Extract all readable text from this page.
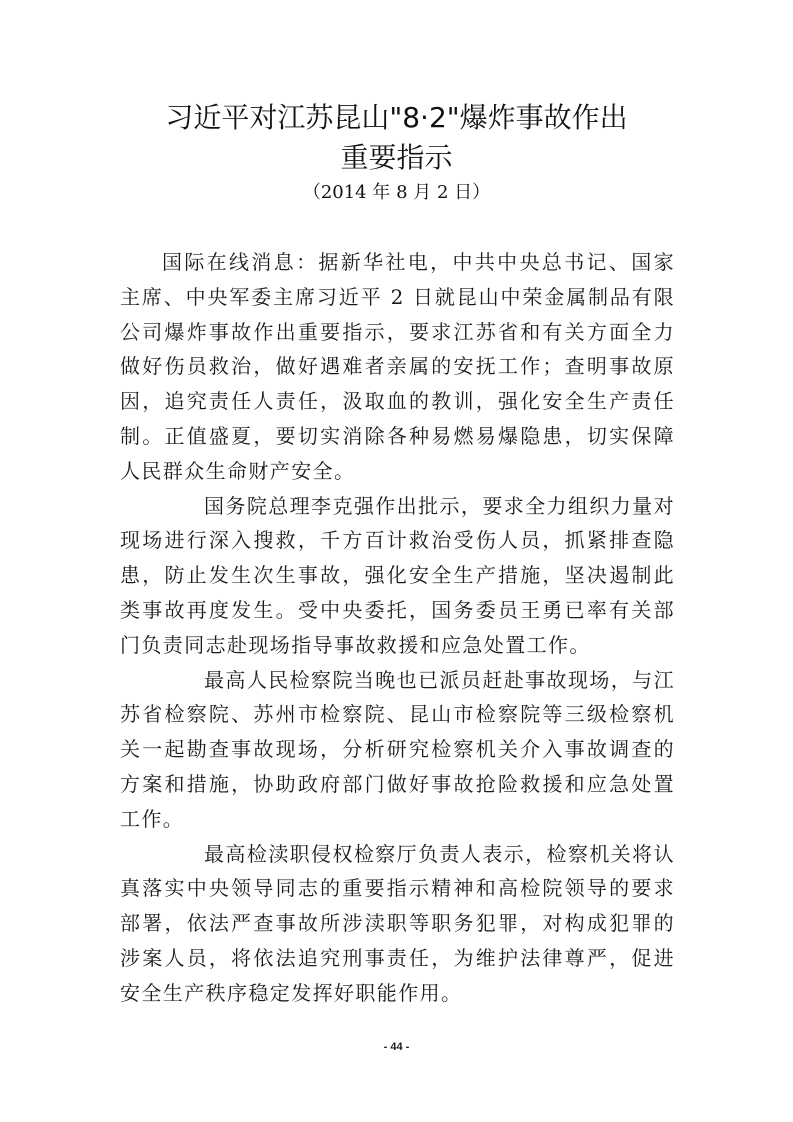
习近平对江苏昆山"8·2"爆炸事故作出
重要指示
（2014 年 8 月 2 日）

国际在线消息：据新华社电，中共中央总书记、国家主席、中央军委主席习近平 2 日就昆山中荣金属制品有限公司爆炸事故作出重要指示，要求江苏省和有关方面全力做好伤员救治，做好遇难者亲属的安抚工作；查明事故原因，追究责任人责任，汲取血的教训，强化安全生产责任制。正值盛夏，要切实消除各种易燃易爆隐患，切实保障人民群众生命财产安全。

国务院总理李克强作出批示，要求全力组织力量对现场进行深入搜救，千方百计救治受伤人员，抓紧排查隐患，防止发生次生事故，强化安全生产措施，坚决遏制此类事故再度发生。受中央委托，国务委员王勇已率有关部门负责同志赴现场指导事故救援和应急处置工作。

最高人民检察院当晚也已派员赶赴事故现场，与江苏省检察院、苏州市检察院、昆山市检察院等三级检察机关一起勘查事故现场，分析研究检察机关介入事故调查的方案和措施，协助政府部门做好事故抢险救援和应急处置工作。

最高检渎职侵权检察厅负责人表示，检察机关将认真落实中央领导同志的重要指示精神和高检院领导的要求部署，依法严查事故所涉渎职等职务犯罪，对构成犯罪的涉案人员，将依法追究刑事责任，为维护法律尊严，促进安全生产秩序稳定发挥好职能作用。

- 44 -
